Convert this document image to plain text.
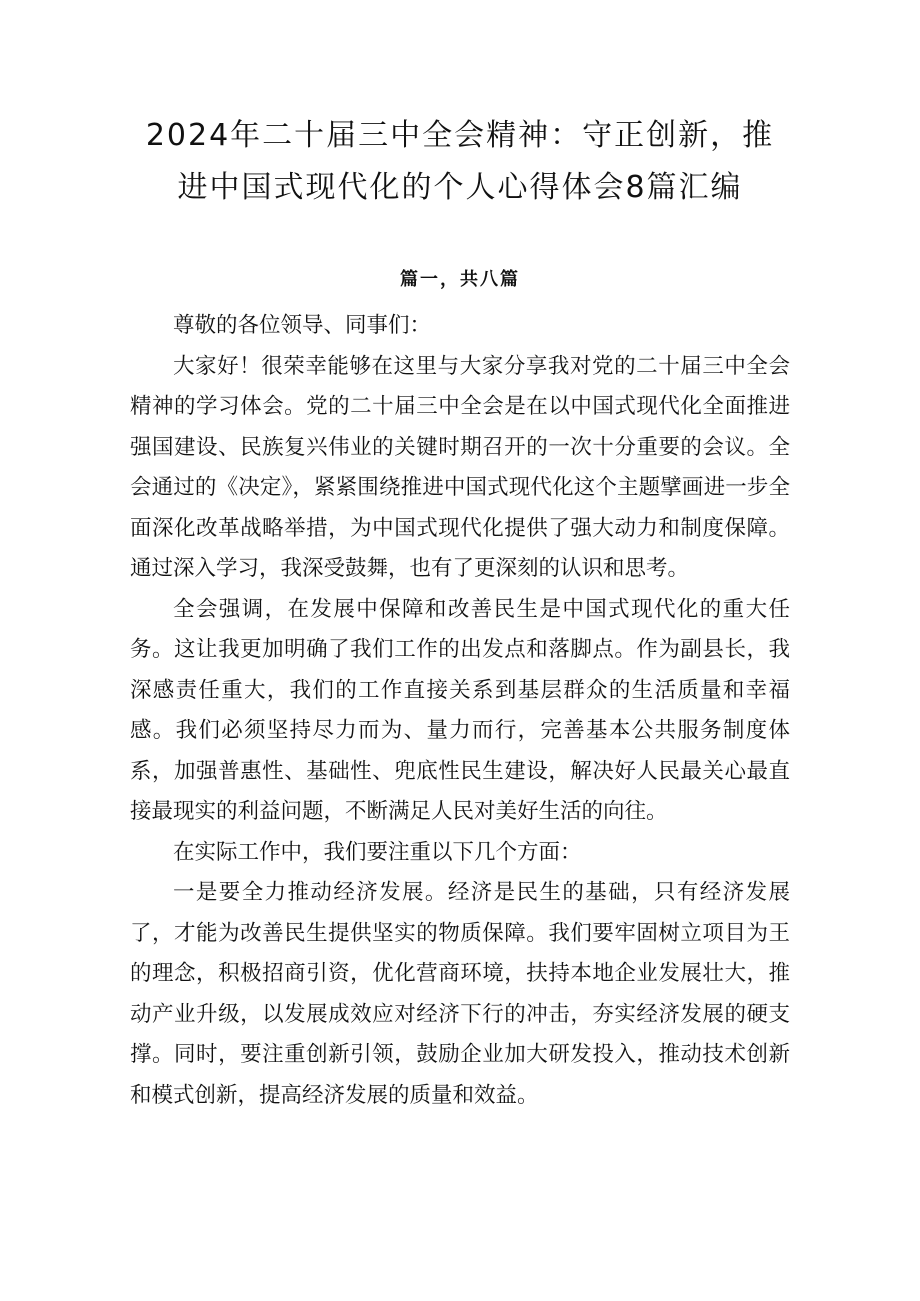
2024年二十届三中全会精神：守正创新，推
进中国式现代化的个人心得体会8篇汇编
篇一，共八篇

尊敬的各位领导、同事们：

大家好！很荣幸能够在这里与大家分享我对党的二十届三中全会精神的学习体会。党的二十届三中全会是在以中国式现代化全面推进强国建设、民族复兴伟业的关键时期召开的一次十分重要的会议。全会通过的《决定》，紧紧围绕推进中国式现代化这个主题擘画进一步全面深化改革战略举措，为中国式现代化提供了强大动力和制度保障。通过深入学习，我深受鼓舞，也有了更深刻的认识和思考。

全会强调，在发展中保障和改善民生是中国式现代化的重大任务。这让我更加明确了我们工作的出发点和落脚点。作为副县长，我深感责任重大，我们的工作直接关系到基层群众的生活质量和幸福感。我们必须坚持尽力而为、量力而行，完善基本公共服务制度体系，加强普惠性、基础性、兜底性民生建设，解决好人民最关心最直接最现实的利益问题，不断满足人民对美好生活的向往。

在实际工作中，我们要注重以下几个方面：

一是要全力推动经济发展。经济是民生的基础，只有经济发展了，才能为改善民生提供坚实的物质保障。我们要牢固树立项目为王的理念，积极招商引资，优化营商环境，扶持本地企业发展壮大，推动产业升级，以发展成效应对经济下行的冲击，夯实经济发展的硬支撑。同时，要注重创新引领，鼓励企业加大研发投入，推动技术创新和模式创新，提高经济发展的质量和效益。
